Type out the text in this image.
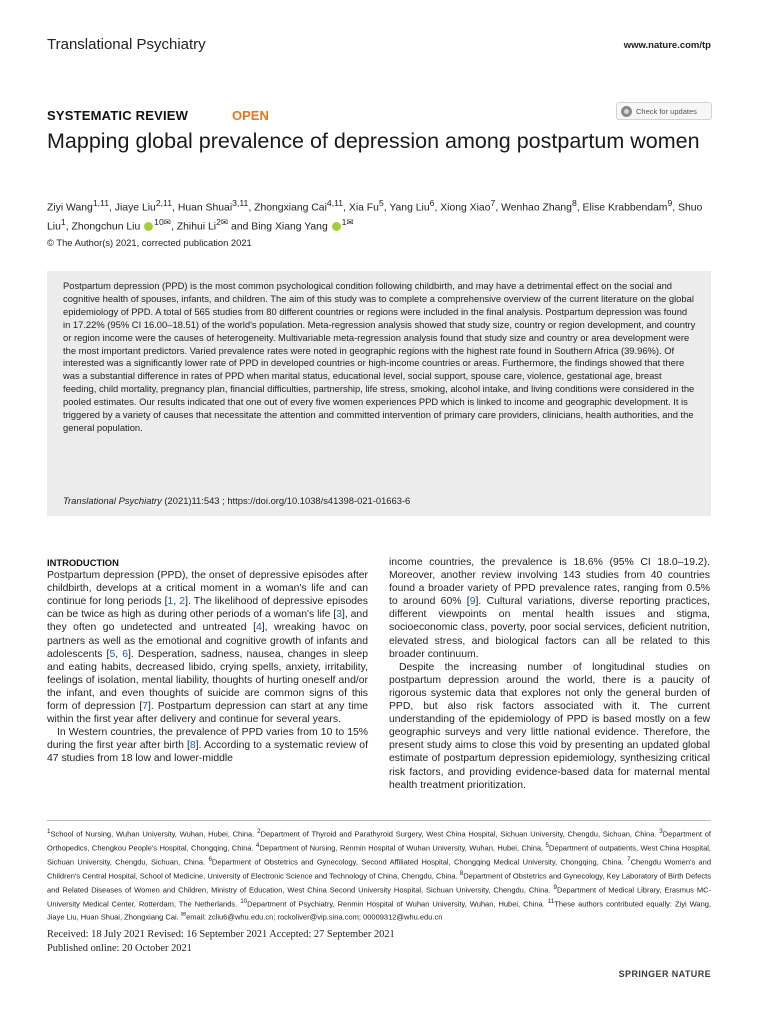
Translational Psychiatry	www.nature.com/tp
SYSTEMATIC REVIEW	OPEN	Check for updates
Mapping global prevalence of depression among postpartum women
Ziyi Wang$^{1,11}$, Jiaye Liu$^{2,11}$, Huan Shuai$^{3,11}$, Zhongxiang Cai$^{4,11}$, Xia Fu$^5$, Yang Liu$^6$, Xiong Xiao$^7$, Wenhao Zhang$^8$, Elise Krabbendam$^9$, Shuo Liu$^1$, Zhongchun Liu $^{10✉}$, Zhihui $Li^{2✉}$ and Bing Xiang Yang $^{1✉}$
© The Author(s) 2021, corrected publication 2021

Postpartum depression (PPD) is the most common psychological condition following childbirth, and may have a detrimental effect on the social and cognitive health of spouses, infants, and children. The aim of this study was to complete a comprehensive overview of the current literature on the global epidemiology of PPD. A total of 565 studies from 80 different countries or regions were included in the final analysis. Postpartum depression was found in 17.22% (95% CI 16.00–18.51) of the world's population. Meta-regression analysis showed that study size, country or region development, and country or region income were the causes of heterogeneity. Multivariable meta-regression analysis found that study size and country or area development were the most important predictors. Varied prevalence rates were noted in geographic regions with the highest rate found in Southern Africa (39.96%). Of interested was a significantly lower rate of PPD in developed countries or high-income countries or areas. Furthermore, the findings showed that there was a substantial difference in rates of PPD when marital status, educational level, social support, spouse care, violence, gestational age, breast feeding, child mortality, pregnancy plan, financial difficulties, partnership, life stress, smoking, alcohol intake, and living conditions were considered in the pooled estimates. Our results indicated that one out of every five women experiences PPD which is linked to income and geographic development. It is triggered by a variety of causes that necessitate the attention and committed intervention of primary care providers, clinicians, health authorities, and the general population.

Translational Psychiatry (2021)11:543 ; https://doi.org/10.1038/s41398-021-01663-6
INTRODUCTION
Postpartum depression (PPD), the onset of depressive episodes after childbirth, develops at a critical moment in a woman's life and can continue for long periods [1, 2]. The likelihood of depressive episodes can be twice as high as during other periods of a woman's life [3], and they often go undetected and untreated [4], wreaking havoc on partners as well as the emotional and cognitive growth of infants and adolescents [5, 6]. Desperation, sadness, nausea, changes in sleep and eating habits, decreased libido, crying spells, anxiety, irritability, feelings of isolation, mental liability, thoughts of hurting oneself and/or the infant, and even thoughts of suicide are common signs of this form of depression [7]. Postpartum depression can start at any time within the first year after delivery and continue for several years.
In Western countries, the prevalence of PPD varies from 10 to 15% during the first year after birth [8]. According to a systematic review of 47 studies from 18 low and lower-middle
income countries, the prevalence is 18.6% (95% CI 18.0–19.2). Moreover, another review involving 143 studies from 40 countries found a broader variety of PPD prevalence rates, ranging from 0.5% to around 60% [9]. Cultural variations, diverse reporting practices, different viewpoints on mental health issues and stigma, socioeconomic class, poverty, poor social services, deficient nutrition, elevated stress, and biological factors can all be related to this broader continuum.
Despite the increasing number of longitudinal studies on postpartum depression around the world, there is a paucity of rigorous systemic data that explores not only the general burden of PPD, but also risk factors associated with it. The current understanding of the epidemiology of PPD is based mostly on a few geographic surveys and very little national evidence. Therefore, the present study aims to close this void by presenting an updated global estimate of postpartum depression epidemiology, synthesizing critical risk factors, and providing evidence-based data for maternal mental health treatment prioritization.
$^1$School of Nursing, Wuhan University, Wuhan, Hubei, China. $^2$Department of Thyroid and Parathyroid Surgery, West China Hospital, Sichuan University, Chengdu, Sichuan, China. $^3$Department of Orthopedics, Chengkou People's Hospital, Chongqing, China. $^4$Department of Nursing, Renmin Hospital of Wuhan University, Wuhan, Hubei, China. $^5$Department of outpatients, West China Hospital, Sichuan University, Chengdu, Sichuan, China. $^6$Department of Obstetrics and Gynecology, Second Affiliated Hospital, Chongqing Medical University, Chongqing, China. $^7$Chengdu Women's and Children's Central Hospital, School of Medicine, University of Electronic Science and Technology of China, Chengdu, China. $^8$Department of Obstetrics and Gynecology, Key Laboratory of Birth Defects and Related Diseases of Women and Children, Ministry of Education, West China Second University Hospital, Sichuan University, Chengdu, China. $^9$Department of Medical Library, Erasmus MC-University Medical Center, Rotterdam, The Netherlands. $^{10}$Department of Psychiatry, Renmin Hospital of Wuhan University, Wuhan, Hubei, China. $^{11}$These authors contributed equally: Ziyi Wang, Jiaye Liu, Huan Shuai, Zhongxiang Cai. ✉email: zcliu6@whu.edu.cn; rockoliver@vip.sina.com; 00009312@whu.edu.cn
Received: 18 July 2021 Revised: 16 September 2021 Accepted: 27 September 2021
Published online: 20 October 2021
SPRINGER NATURE
